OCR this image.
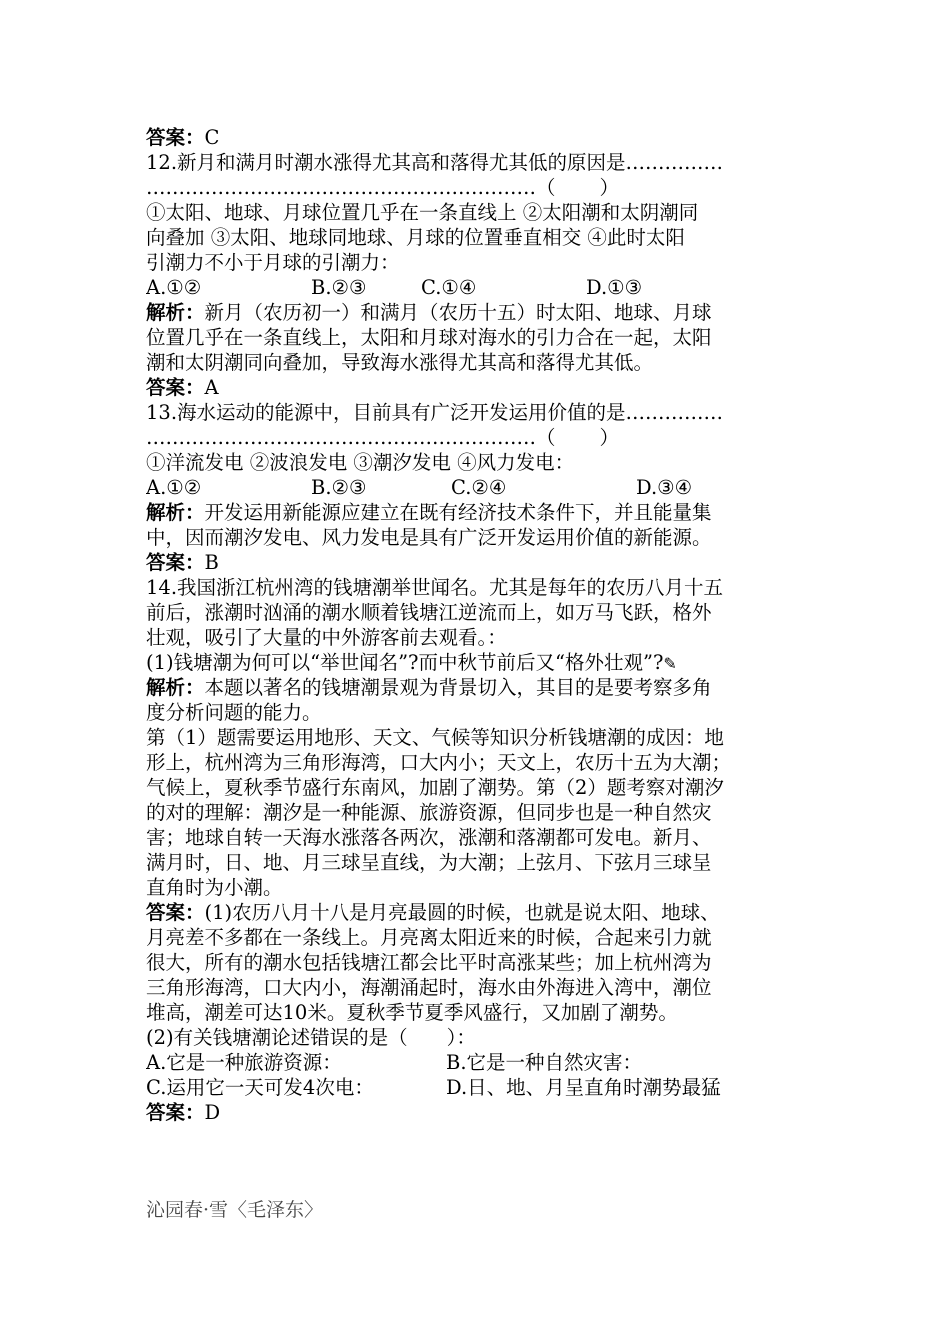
答案：C
12.新月和满月时潮水涨得尤其高和落得尤其低的原因是……………
……………………………………………………（ ）
①太阳、地球、月球位置几乎在一条直线上 ②太阳潮和太阴潮同
向叠加 ③太阳、地球同地球、月球的位置垂直相交 ④此时太阳
引潮力不小于月球的引潮力：
A.①②	B.②③	C.①④	D.①③
解析：新月（农历初一）和满月（农历十五）时太阳、地球、月球
位置几乎在一条直线上，太阳和月球对海水的引力合在一起，太阳
潮和太阴潮同向叠加，导致海水涨得尤其高和落得尤其低。
答案：A
13.海水运动的能源中，目前具有广泛开发运用价值的是……………
……………………………………………………（ ）
①洋流发电 ②波浪发电 ③潮汐发电 ④风力发电：
A.①②	B.②③	C.②④	D.③④
解析：开发运用新能源应建立在既有经济技术条件下，并且能量集
中，因而潮汐发电、风力发电是具有广泛开发运用价值的新能源。
答案：B
14.我国浙江杭州湾的钱塘潮举世闻名。尤其是每年的农历八月十五
前后，涨潮时汹涌的潮水顺着钱塘江逆流而上，如万马飞跃，格外
壮观，吸引了大量的中外游客前去观看。：
(1)钱塘潮为何可以“举世闻名”?而中秋节前后又“格外壮观”?✎
解析：本题以著名的钱塘潮景观为背景切入，其目的是要考察多角
度分析问题的能力。
第（1）题需要运用地形、天文、气候等知识分析钱塘潮的成因：地
形上，杭州湾为三角形海湾，口大内小；天文上，农历十五为大潮；
气候上，夏秋季节盛行东南风，加剧了潮势。第（2）题考察对潮汐
的对的理解：潮汐是一种能源、旅游资源，但同步也是一种自然灾
害；地球自转一天海水涨落各两次，涨潮和落潮都可发电。新月、
满月时，日、地、月三球呈直线，为大潮；上弦月、下弦月三球呈
直角时为小潮。
答案：(1)农历八月十八是月亮最圆的时候，也就是说太阳、地球、
月亮差不多都在一条线上。月亮离太阳近来的时候，合起来引力就
很大，所有的潮水包括钱塘江都会比平时高涨某些；加上杭州湾为
三角形海湾，口大内小，海潮涌起时，海水由外海进入湾中，潮位
堆高，潮差可达10米。夏秋季节夏季风盛行，又加剧了潮势。
(2)有关钱塘潮论述错误的是（　　）：
A.它是一种旅游资源：	B.它是一种自然灾害：
C.运用它一天可发4次电：	D.日、地、月呈直角时潮势最猛
答案：D
沁园春·雪〈毛泽东〉
